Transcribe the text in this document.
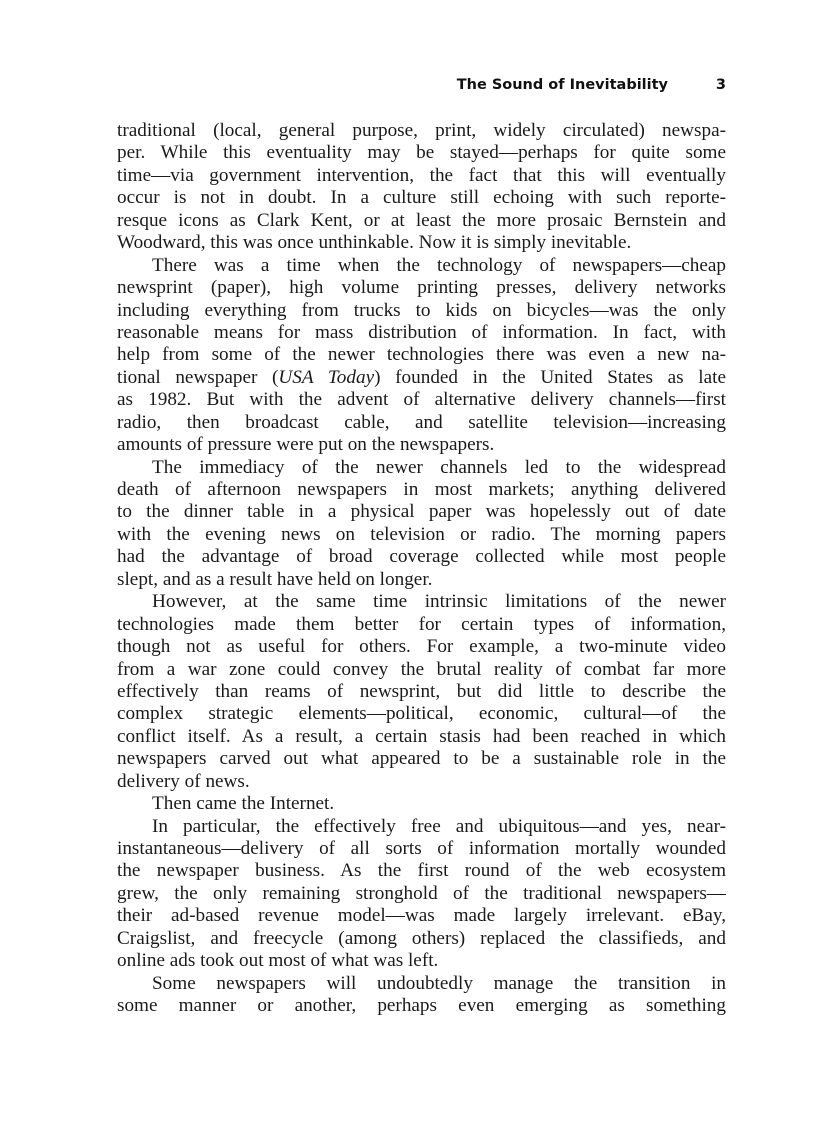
The Sound of Inevitability	3
traditional (local, general purpose, print, widely circulated) newspa-
per. While this eventuality may be stayed—perhaps for quite some
time—via government intervention, the fact that this will eventually
occur is not in doubt. In a culture still echoing with such reporte-
resque icons as Clark Kent, or at least the more prosaic Bernstein and
Woodward, this was once unthinkable. Now it is simply inevitable.
There was a time when the technology of newspapers—cheap
newsprint (paper), high volume printing presses, delivery networks
including everything from trucks to kids on bicycles—was the only
reasonable means for mass distribution of information. In fact, with
help from some of the newer technologies there was even a new na-
tional newspaper (USA Today) founded in the United States as late
as 1982. But with the advent of alternative delivery channels—first
radio, then broadcast cable, and satellite television—increasing
amounts of pressure were put on the newspapers.
The immediacy of the newer channels led to the widespread
death of afternoon newspapers in most markets; anything delivered
to the dinner table in a physical paper was hopelessly out of date
with the evening news on television or radio. The morning papers
had the advantage of broad coverage collected while most people
slept, and as a result have held on longer.
However, at the same time intrinsic limitations of the newer
technologies made them better for certain types of information,
though not as useful for others. For example, a two-minute video
from a war zone could convey the brutal reality of combat far more
effectively than reams of newsprint, but did little to describe the
complex strategic elements—political, economic, cultural—of the
conflict itself. As a result, a certain stasis had been reached in which
newspapers carved out what appeared to be a sustainable role in the
delivery of news.
Then came the Internet.
In particular, the effectively free and ubiquitous—and yes, near-
instantaneous—delivery of all sorts of information mortally wounded
the newspaper business. As the first round of the web ecosystem
grew, the only remaining stronghold of the traditional newspapers—
their ad-based revenue model—was made largely irrelevant. eBay,
Craigslist, and freecycle (among others) replaced the classifieds, and
online ads took out most of what was left.
Some newspapers will undoubtedly manage the transition in
some manner or another, perhaps even emerging as something
